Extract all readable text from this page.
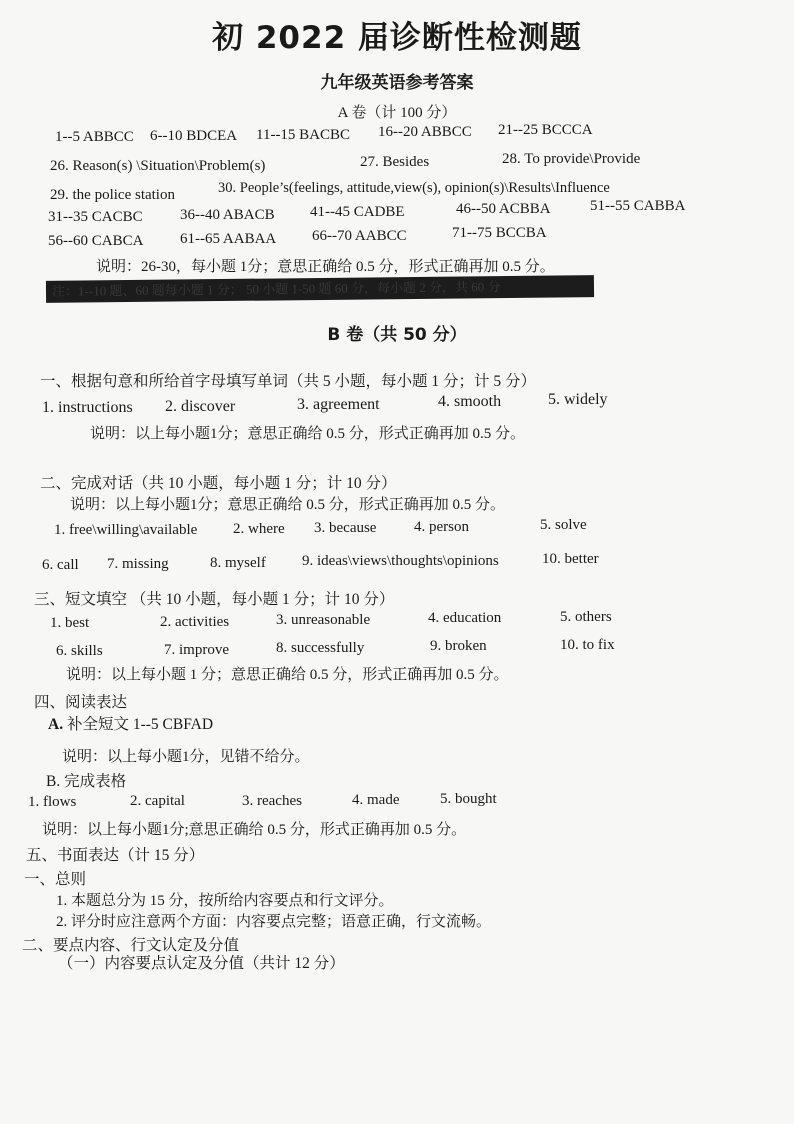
初 2022 届诊断性检测题
九年级英语参考答案
A 卷（计 100 分）
1--5 ABBCC 6--10 BDCEA 11--15 BACBC 16--20 ABBCC 21--25 BCCCA
26. Reason(s) \Situation\Problem(s)	27. Besides	28. To provide\Provide
29. the police station	30. People’s(feelings, attitude,view(s), opinion(s)\Results\Influence
31--35 CACBC 36--40 ABACB 41--45 CADBE	46--50 ACBBA	51--55 CABBA
56--60 CABCA 61--65 AABAA 66--70 AABCC	71--75 BCCBA
说明：26-30，每小题 1分；意思正确给 0.5 分，形式正确再加 0.5 分。
注：1--10 题、60 题每小题 1 分； 50 小题 1-50 题 60 分，每小题 2 分，共 60 分
B 卷（共 50 分）
一、根据句意和所给首字母填写单词（共 5 小题，每小题 1 分；计 5 分）
1. instructions 2. discover	3. agreement	4. smooth	5. widely
说明：以上每小题1分；意思正确给 0.5 分，形式正确再加 0.5 分。
二、完成对话（共 10 小题，每小题 1 分；计 10 分）
说明：以上每小题1分；意思正确给 0.5 分，形式正确再加 0.5 分。
1. free\willing\available 2. where 3. because	4. person	5. solve
6. call 7. missing	8. myself 9. ideas\views\thoughts\opinions	10. better
三、短文填空 （共 10 小题，每小题 1 分；计 10 分）
1. best	2. activities	3. unreasonable	4. education	5. others
6. skills	7. improve	8. successfully	9. broken	10. to fix
说明：以上每小题 1 分；意思正确给 0.5 分，形式正确再加 0.5 分。
四、阅读表达
A. 补全短文 1--5 CBFAD
说明：以上每小题1分，见错不给分。
B. 完成表格
1. flows	2. capital	3. reaches	4. made	5. bought
说明：以上每小题1分;意思正确给 0.5 分，形式正确再加 0.5 分。
五、书面表达（计 15 分）
一、总则
1. 本题总分为 15 分，按所给内容要点和行文评分。
2. 评分时应注意两个方面：内容要点完整；语意正确，行文流畅。
二、要点内容、行文认定及分值
（一）内容要点认定及分值（共计 12 分）
